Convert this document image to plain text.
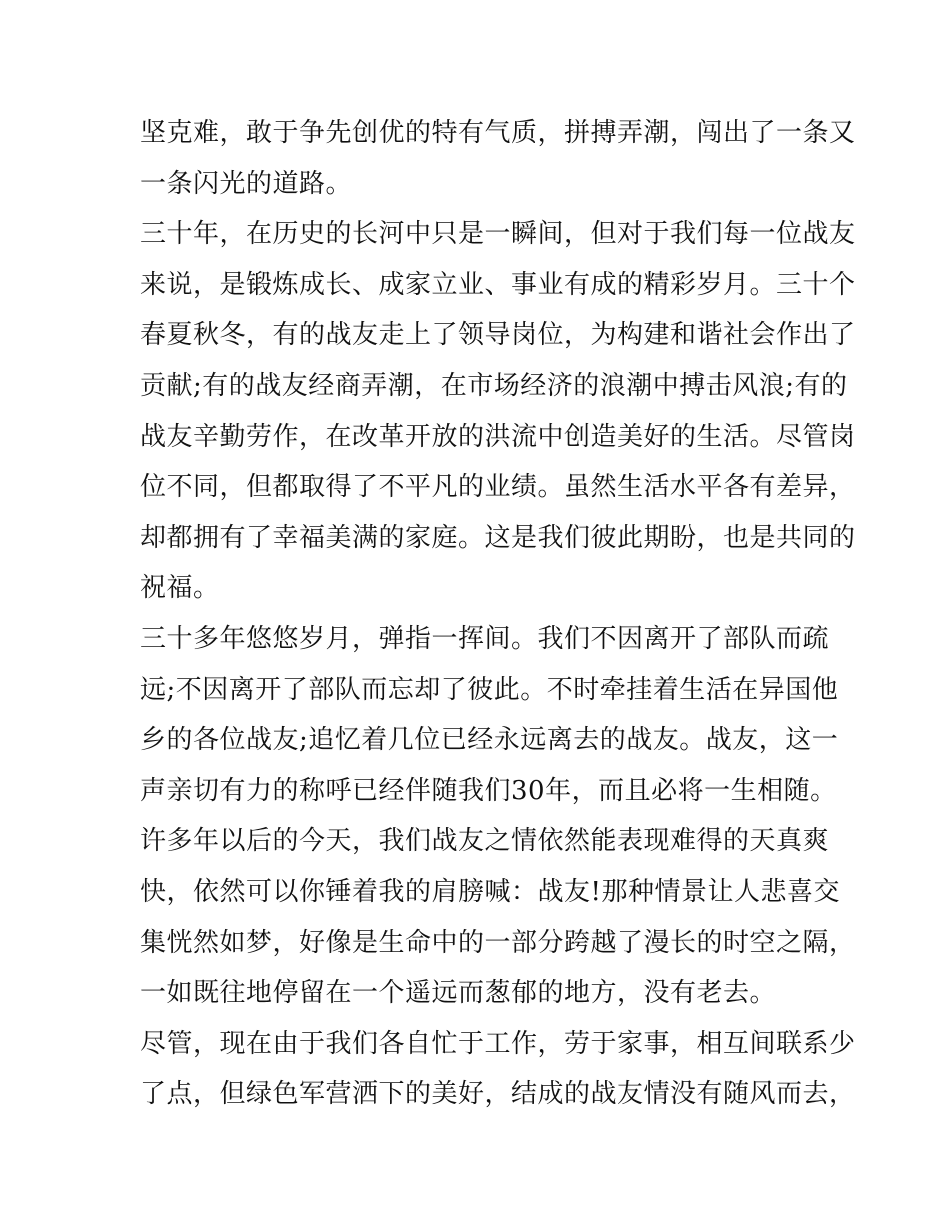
坚克难，敢于争先创优的特有气质，拼搏弄潮，闯出了一条又
一条闪光的道路。
三十年，在历史的长河中只是一瞬间，但对于我们每一位战友
来说，是锻炼成长、成家立业、事业有成的精彩岁月。三十个
春夏秋冬，有的战友走上了领导岗位，为构建和谐社会作出了
贡献;有的战友经商弄潮，在市场经济的浪潮中搏击风浪;有的
战友辛勤劳作，在改革开放的洪流中创造美好的生活。尽管岗
位不同，但都取得了不平凡的业绩。虽然生活水平各有差异，
却都拥有了幸福美满的家庭。这是我们彼此期盼，也是共同的
祝福。
三十多年悠悠岁月，弹指一挥间。我们不因离开了部队而疏
远;不因离开了部队而忘却了彼此。不时牵挂着生活在异国他
乡的各位战友;追忆着几位已经永远离去的战友。战友，这一
声亲切有力的称呼已经伴随我们30年，而且必将一生相随。
许多年以后的今天，我们战友之情依然能表现难得的天真爽
快，依然可以你锤着我的肩膀喊：战友!那种情景让人悲喜交
集恍然如梦，好像是生命中的一部分跨越了漫长的时空之隔，
一如既往地停留在一个遥远而葱郁的地方，没有老去。
尽管，现在由于我们各自忙于工作，劳于家事，相互间联系少
了点，但绿色军营洒下的美好，结成的战友情没有随风而去，
